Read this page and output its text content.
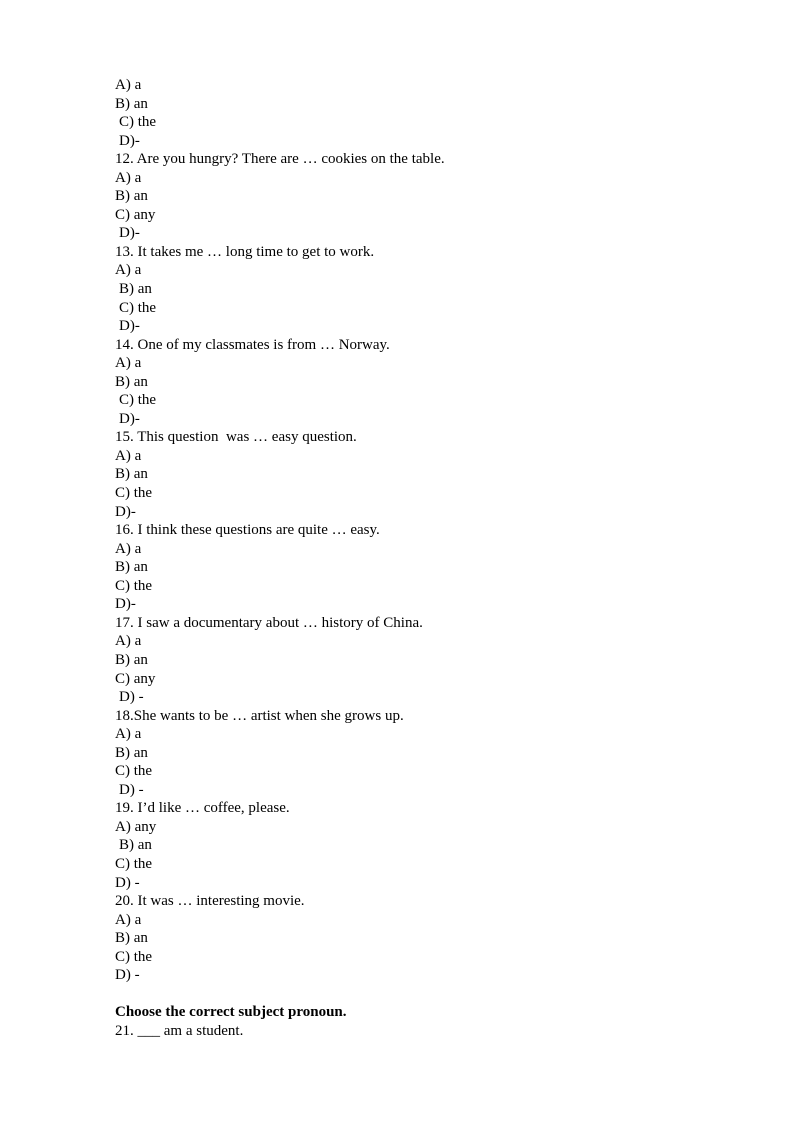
A) a
B) an
C) the
D)-
12. Are you hungry? There are … cookies on the table.
A) a
B) an
C) any
D)-
13. It takes me … long time to get to work.
A) a
B) an
C) the
D)-
14. One of my classmates is from … Norway.
A) a
B) an
C) the
D)-
15. This question  was … easy question.
A) a
B) an
C) the
D)-
16. I think these questions are quite … easy.
A) a
B) an
C) the
D)-
17. I saw a documentary about … history of China.
A) a
B) an
C) any
D) -
18.She wants to be … artist when she grows up.
A) a
B) an
C) the
D) -
19. I’d like … coffee, please.
A) any
B) an
C) the
D) -
20. It was … interesting movie.
A) a
B) an
C) the
D) -
Choose the correct subject pronoun.
21. ___ am a student.
